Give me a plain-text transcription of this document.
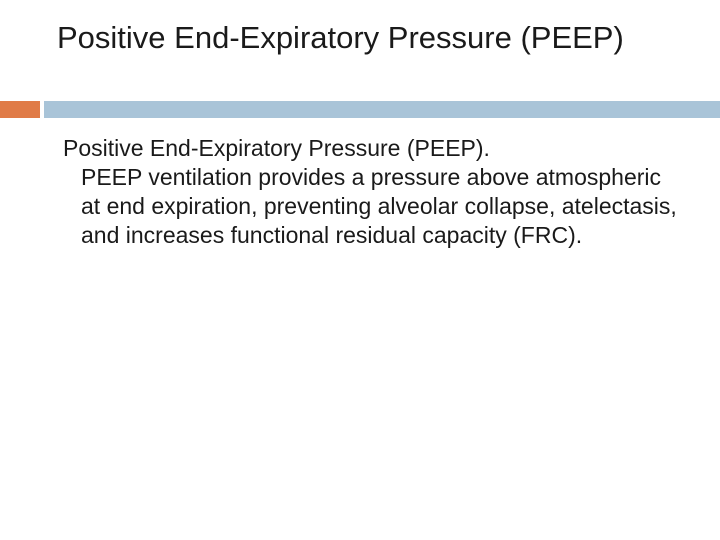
Positive End-Expiratory Pressure (PEEP)
Positive End-Expiratory Pressure (PEEP).
PEEP ventilation provides a pressure above atmospheric at end expiration, preventing alveolar collapse, atelectasis, and increases functional residual capacity (FRC).
